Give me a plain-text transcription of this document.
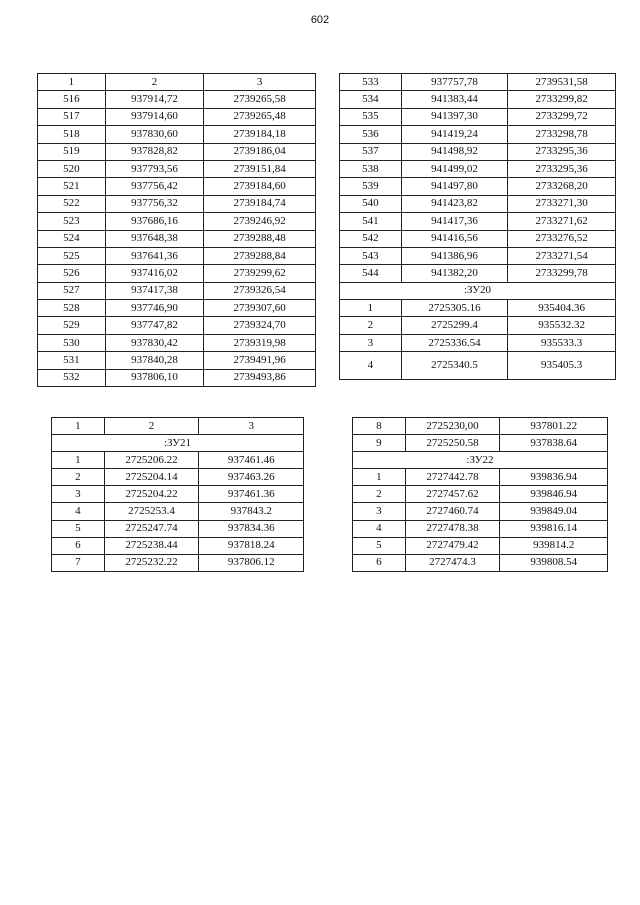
602
1	2	3
516	937914,72	2739265,58
517	937914,60	2739265,48
518	937830,60	2739184,18
519	937828,82	2739186,04
520	937793,56	2739151,84
521	937756,42	2739184,60
522	937756,32	2739184,74
523	937686,16	2739246,92
524	937648,38	2739288,48
525	937641,36	2739288,84
526	937416,02	2739299,62
527	937417,38	2739326,54
528	937746,90	2739307,60
529	937747,82	2739324,70
530	937830,42	2739319,98
531	937840,28	2739491,96
532	937806,10	2739493,86
533	937757,78	2739531,58
534	941383,44	2733299,82
535	941397,30	2733299,72
536	941419,24	2733298,78
537	941498,92	2733295,36
538	941499,02	2733295,36
539	941497,80	2733268,20
540	941423,82	2733271,30
541	941417,36	2733271,62
542	941416,56	2733276,52
543	941386,96	2733271,54
544	941382,20	2733299,78
:ЗУ20		
1	2725305.16	935404.36
2	2725299.4	935532.32
3	2725336.54	935533.3
4	2725340.5	935405.3
1	2	3
:ЗУ21		
1	2725206.22	937461.46
2	2725204.14	937463.26
3	2725204.22	937461.36
4	2725253.4	937843.2
5	2725247.74	937834.36
6	2725238.44	937818.24
7	2725232.22	937806.12
8	2725230,00	937801.22
9	2725250.58	937838.64
:ЗУ22		
1	2727442.78	939836.94
2	2727457.62	939846.94
3	2727460.74	939849.04
4	2727478.38	939816.14
5	2727479.42	939814.2
6	2727474.3	939808.54
